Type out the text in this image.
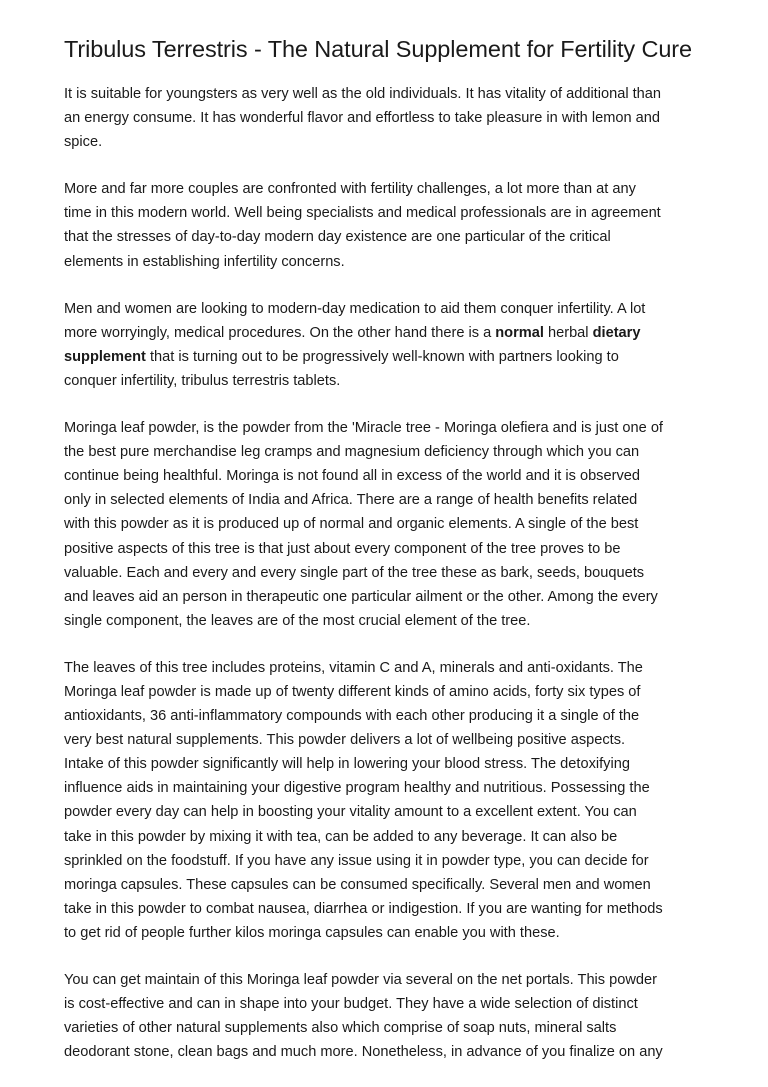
Tribulus Terrestris - The Natural Supplement for Fertility Cure
It is suitable for youngsters as very well as the old individuals. It has vitality of additional than
an energy consume. It has wonderful flavor and effortless to take pleasure in with lemon and
spice.
More and far more couples are confronted with fertility challenges, a lot more than at any
time in this modern world. Well being specialists and medical professionals are in agreement
that the stresses of day-to-day modern day existence are one particular of the critical
elements in establishing infertility concerns.
Men and women are looking to modern-day medication to aid them conquer infertility. A lot
more worryingly, medical procedures. On the other hand there is a normal herbal dietary
supplement that is turning out to be progressively well-known with partners looking to
conquer infertility, tribulus terrestris tablets.
Moringa leaf powder, is the powder from the 'Miracle tree - Moringa olefiera and is just one of
the best pure merchandise leg cramps and magnesium deficiency through which you can
continue being healthful. Moringa is not found all in excess of the world and it is observed
only in selected elements of India and Africa. There are a range of health benefits related
with this powder as it is produced up of normal and organic elements. A single of the best
positive aspects of this tree is that just about every component of the tree proves to be
valuable. Each and every and every single part of the tree these as bark, seeds, bouquets
and leaves aid an person in therapeutic one particular ailment or the other. Among the every
single component, the leaves are of the most crucial element of the tree.
The leaves of this tree includes proteins, vitamin C and A, minerals and anti-oxidants. The
Moringa leaf powder is made up of twenty different kinds of amino acids, forty six types of
antioxidants, 36 anti-inflammatory compounds with each other producing it a single of the
very best natural supplements. This powder delivers a lot of wellbeing positive aspects.
Intake of this powder significantly will help in lowering your blood stress. The detoxifying
influence aids in maintaining your digestive program healthy and nutritious. Possessing the
powder every day can help in boosting your vitality amount to a excellent extent. You can
take in this powder by mixing it with tea, can be added to any beverage. It can also be
sprinkled on the foodstuff. If you have any issue using it in powder type, you can decide for
moringa capsules. These capsules can be consumed specifically. Several men and women
take in this powder to combat nausea, diarrhea or indigestion. If you are wanting for methods
to get rid of people further kilos moringa capsules can enable you with these.
You can get maintain of this Moringa leaf powder via several on the net portals. This powder
is cost-effective and can in shape into your budget. They have a wide selection of distinct
varieties of other natural supplements also which comprise of soap nuts, mineral salts
deodorant stone, clean bags and much more. Nonetheless, in advance of you finalize on any
